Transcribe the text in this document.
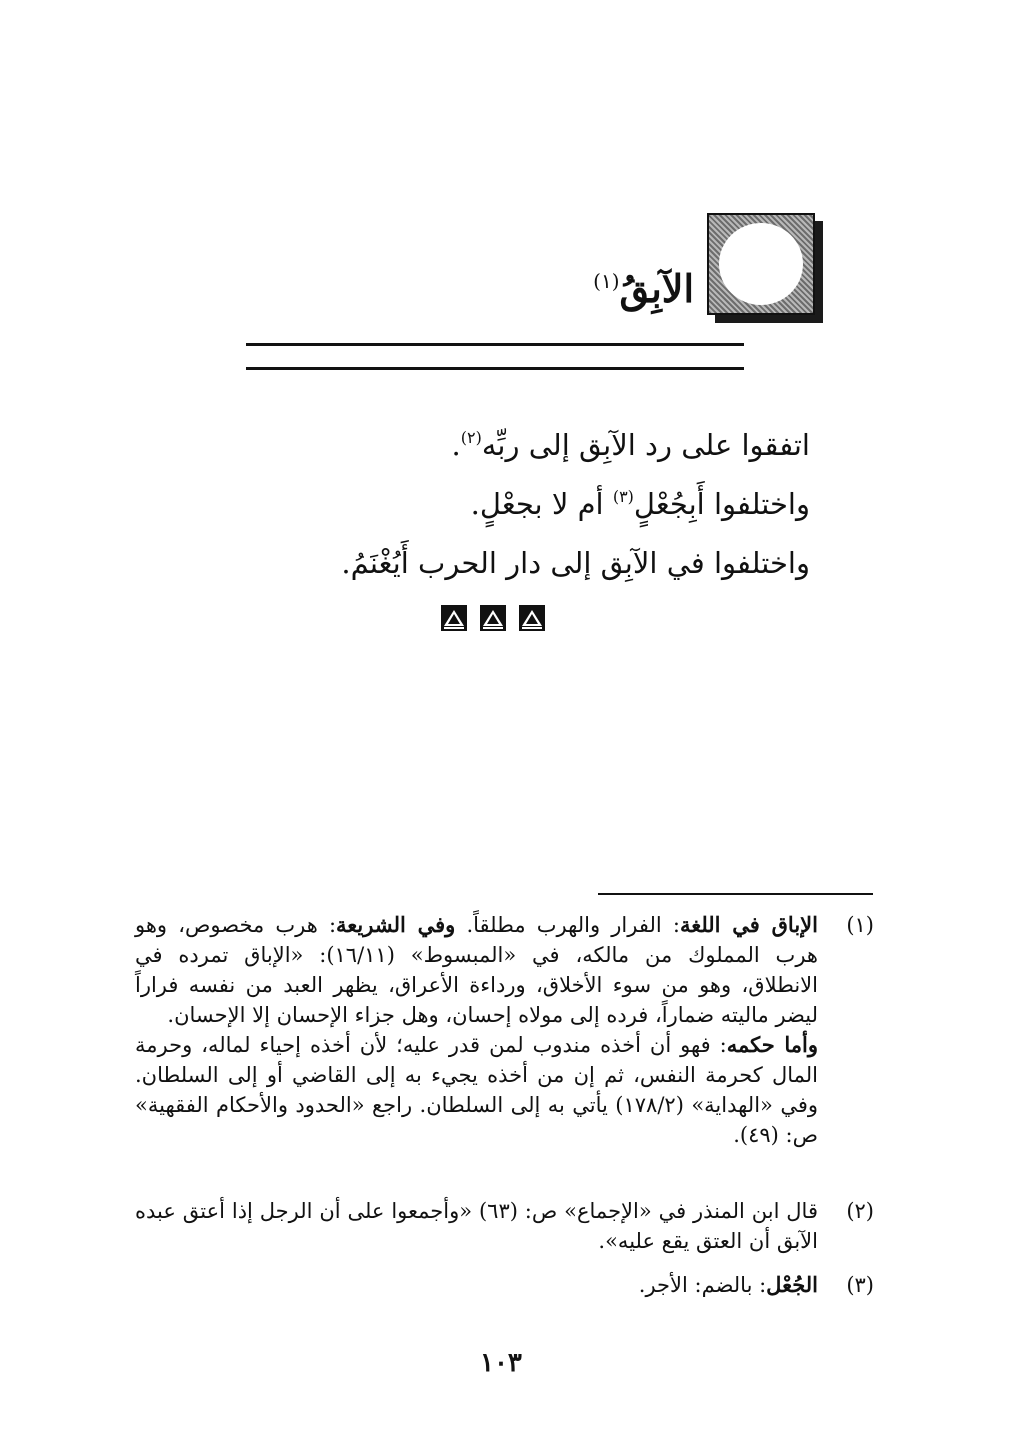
الآبِقُ$^{(١)}$
اتفقوا على رد الآبِق إلى ربِّه$^{(٢)}$.
واختلفوا أَبِجُعْلٍ$^{(٣)}$ أم لا بجعْلٍ.
واختلفوا في الآبِق إلى دار الحرب أَيُغْنَمُ.
(١)
الإباق في اللغة: الفرار والهرب مطلقاً. وفي الشريعة: هرب مخصوص، وهو هرب المملوك من مالكه، في «المبسوط» (١٦/١١): «الإباق تمرده في الانطلاق، وهو من سوء الأخلاق، ورداءة الأعراق، يظهر العبد من نفسه فراراً ليضر ماليته ضماراً، فرده إلى مولاه إحسان، وهل جزاء الإحسان إلا الإحسان.
وأما حكمه: فهو أن أخذه مندوب لمن قدر عليه؛ لأن أخذه إحياء لماله، وحرمة المال كحرمة النفس، ثم إن من أخذه يجيء به إلى القاضي أو إلى السلطان. وفي «الهداية» (١٧٨/٢) يأتي به إلى السلطان. راجع «الحدود والأحكام الفقهية» ص: (٤٩).
(٢)
قال ابن المنذر في «الإجماع» ص: (٦٣) «وأجمعوا على أن الرجل إذا أعتق عبده الآبق أن العتق يقع عليه».
(٣)
الجُعْل: بالضم: الأجر.
١٠٣
